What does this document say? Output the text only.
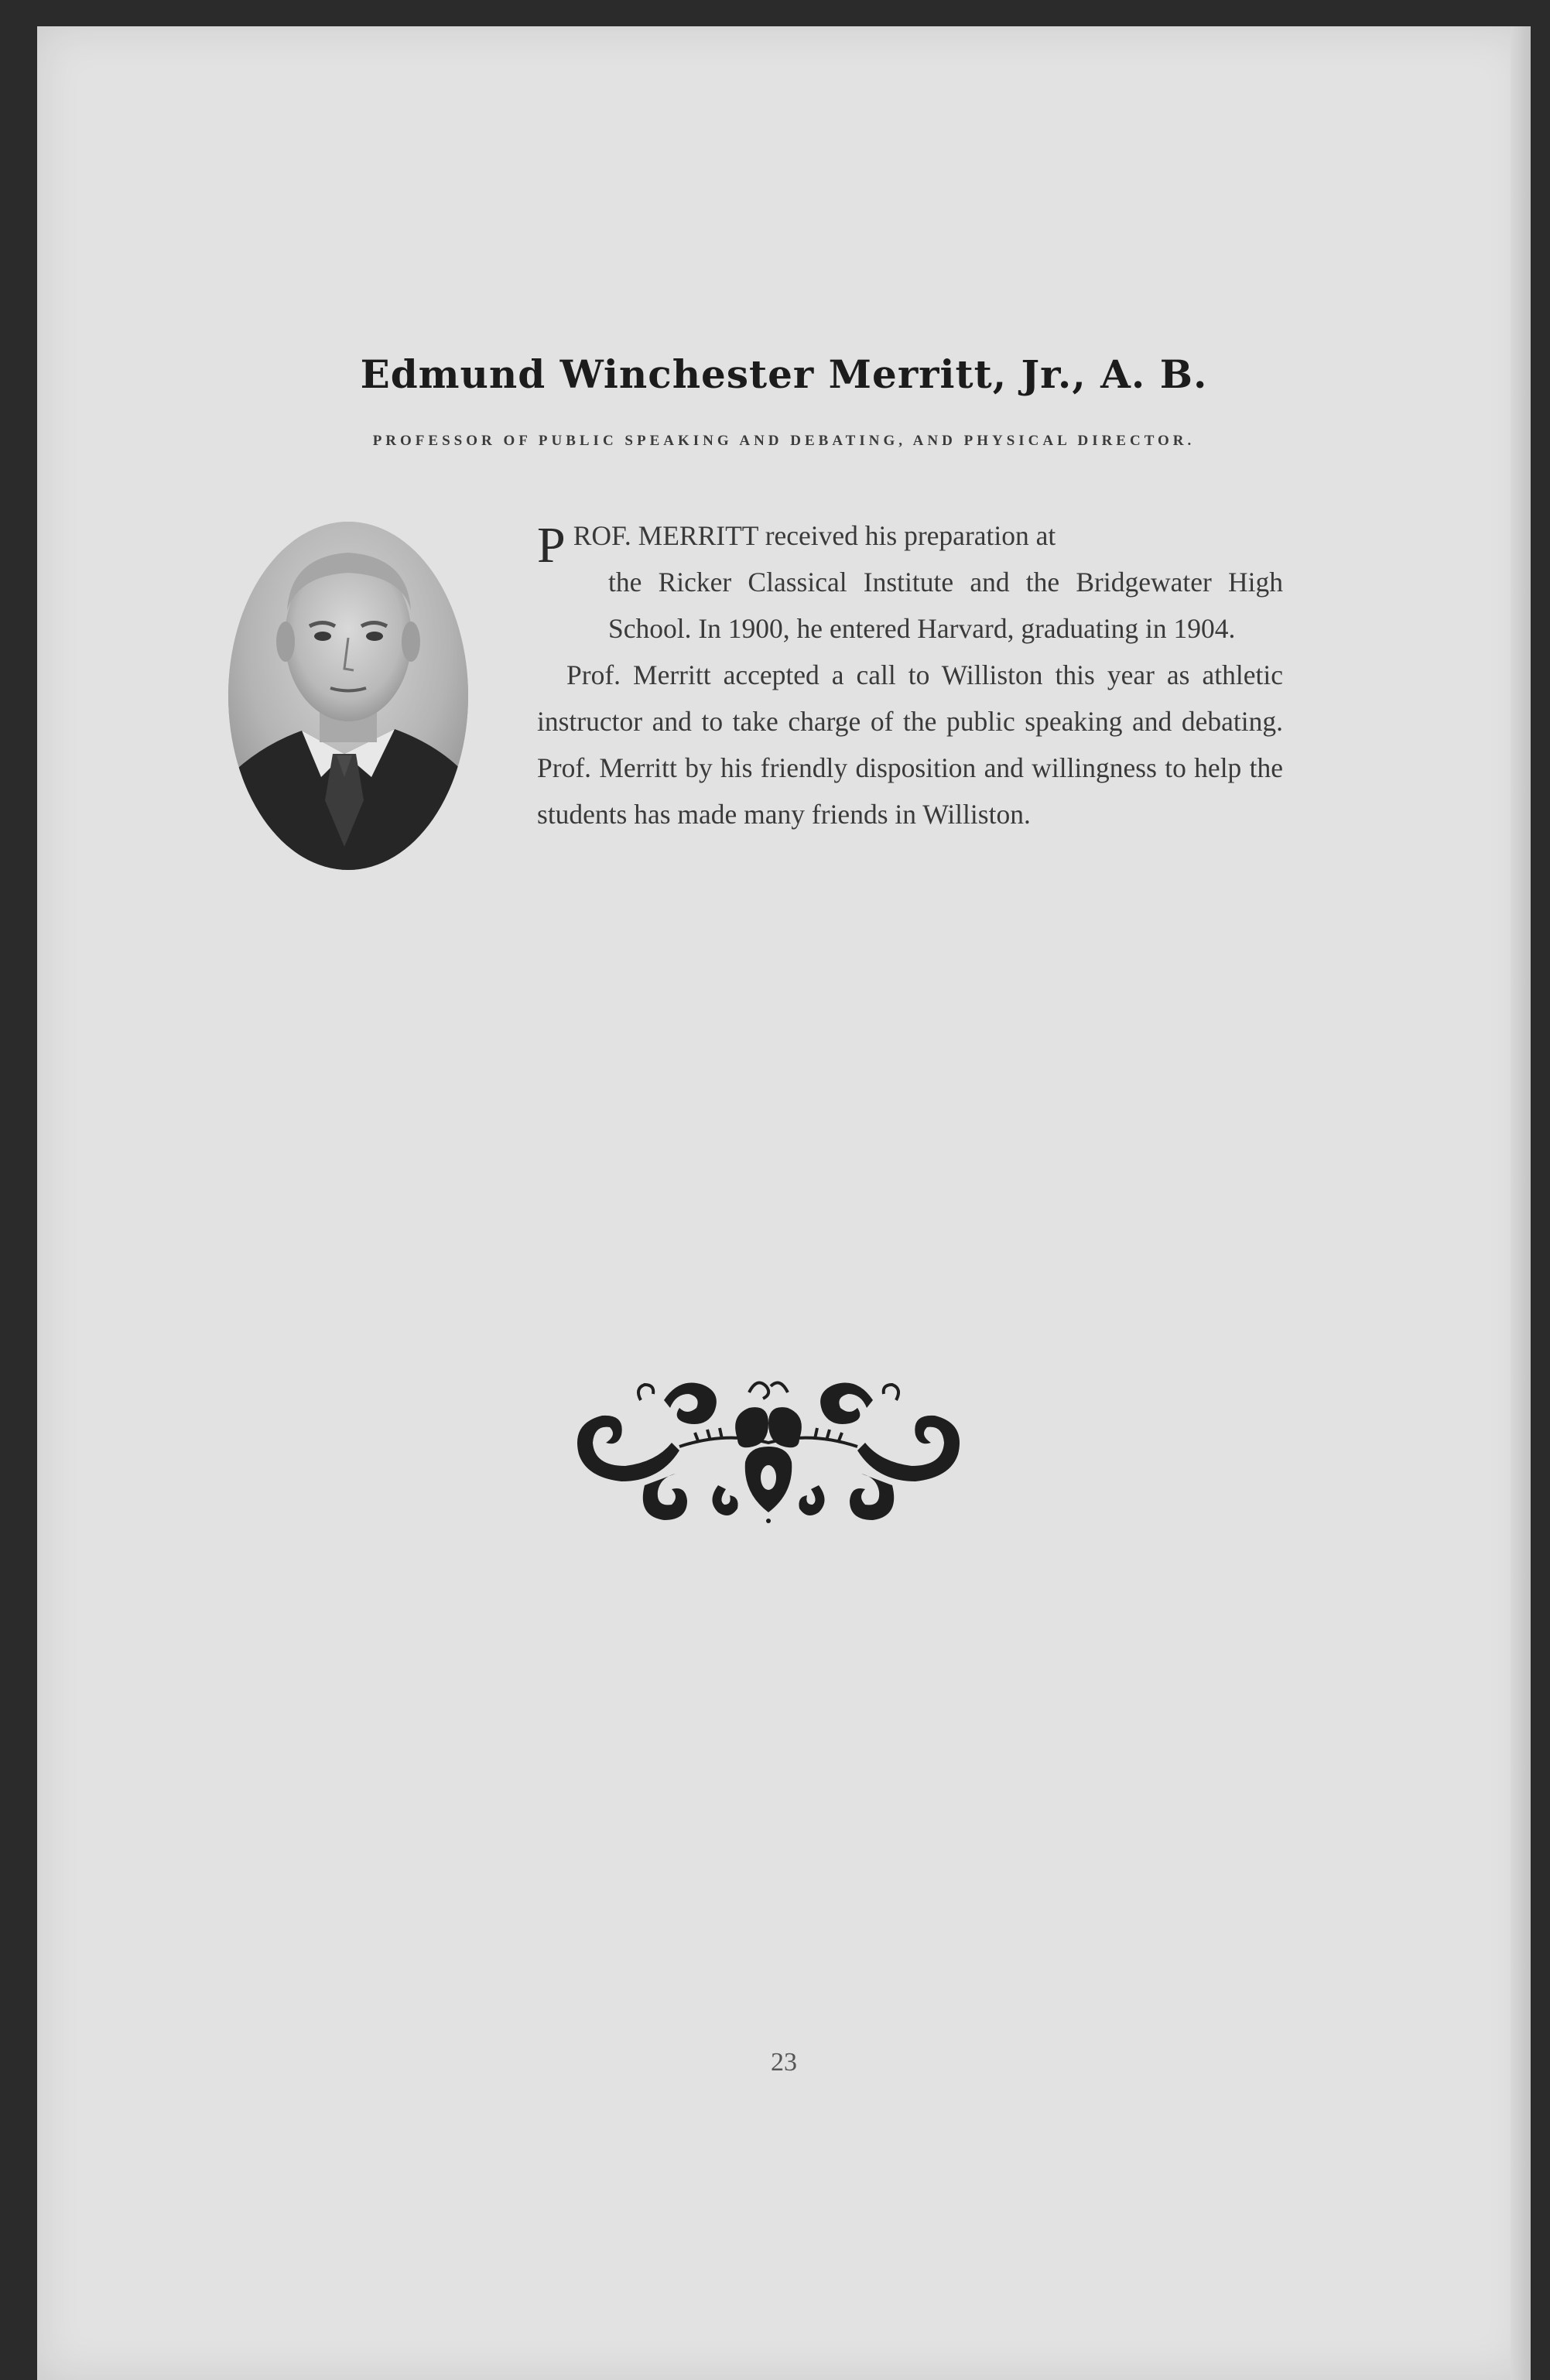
Edmund Winchester Merritt, Jr., A. B.
PROFESSOR OF PUBLIC SPEAKING AND DEBATING, AND PHYSICAL DIRECTOR.

P ROF. MERRITT received his preparation at
the Ricker Classical Institute and the Bridgewater High School. In 1900, he entered Harvard, graduating in 1904.

Prof. Merritt accepted a call to Williston this year as athletic instructor and to take charge of the public speaking and debating. Prof. Merritt by his friendly disposition and willingness to help the students has made many friends in Williston.

23
